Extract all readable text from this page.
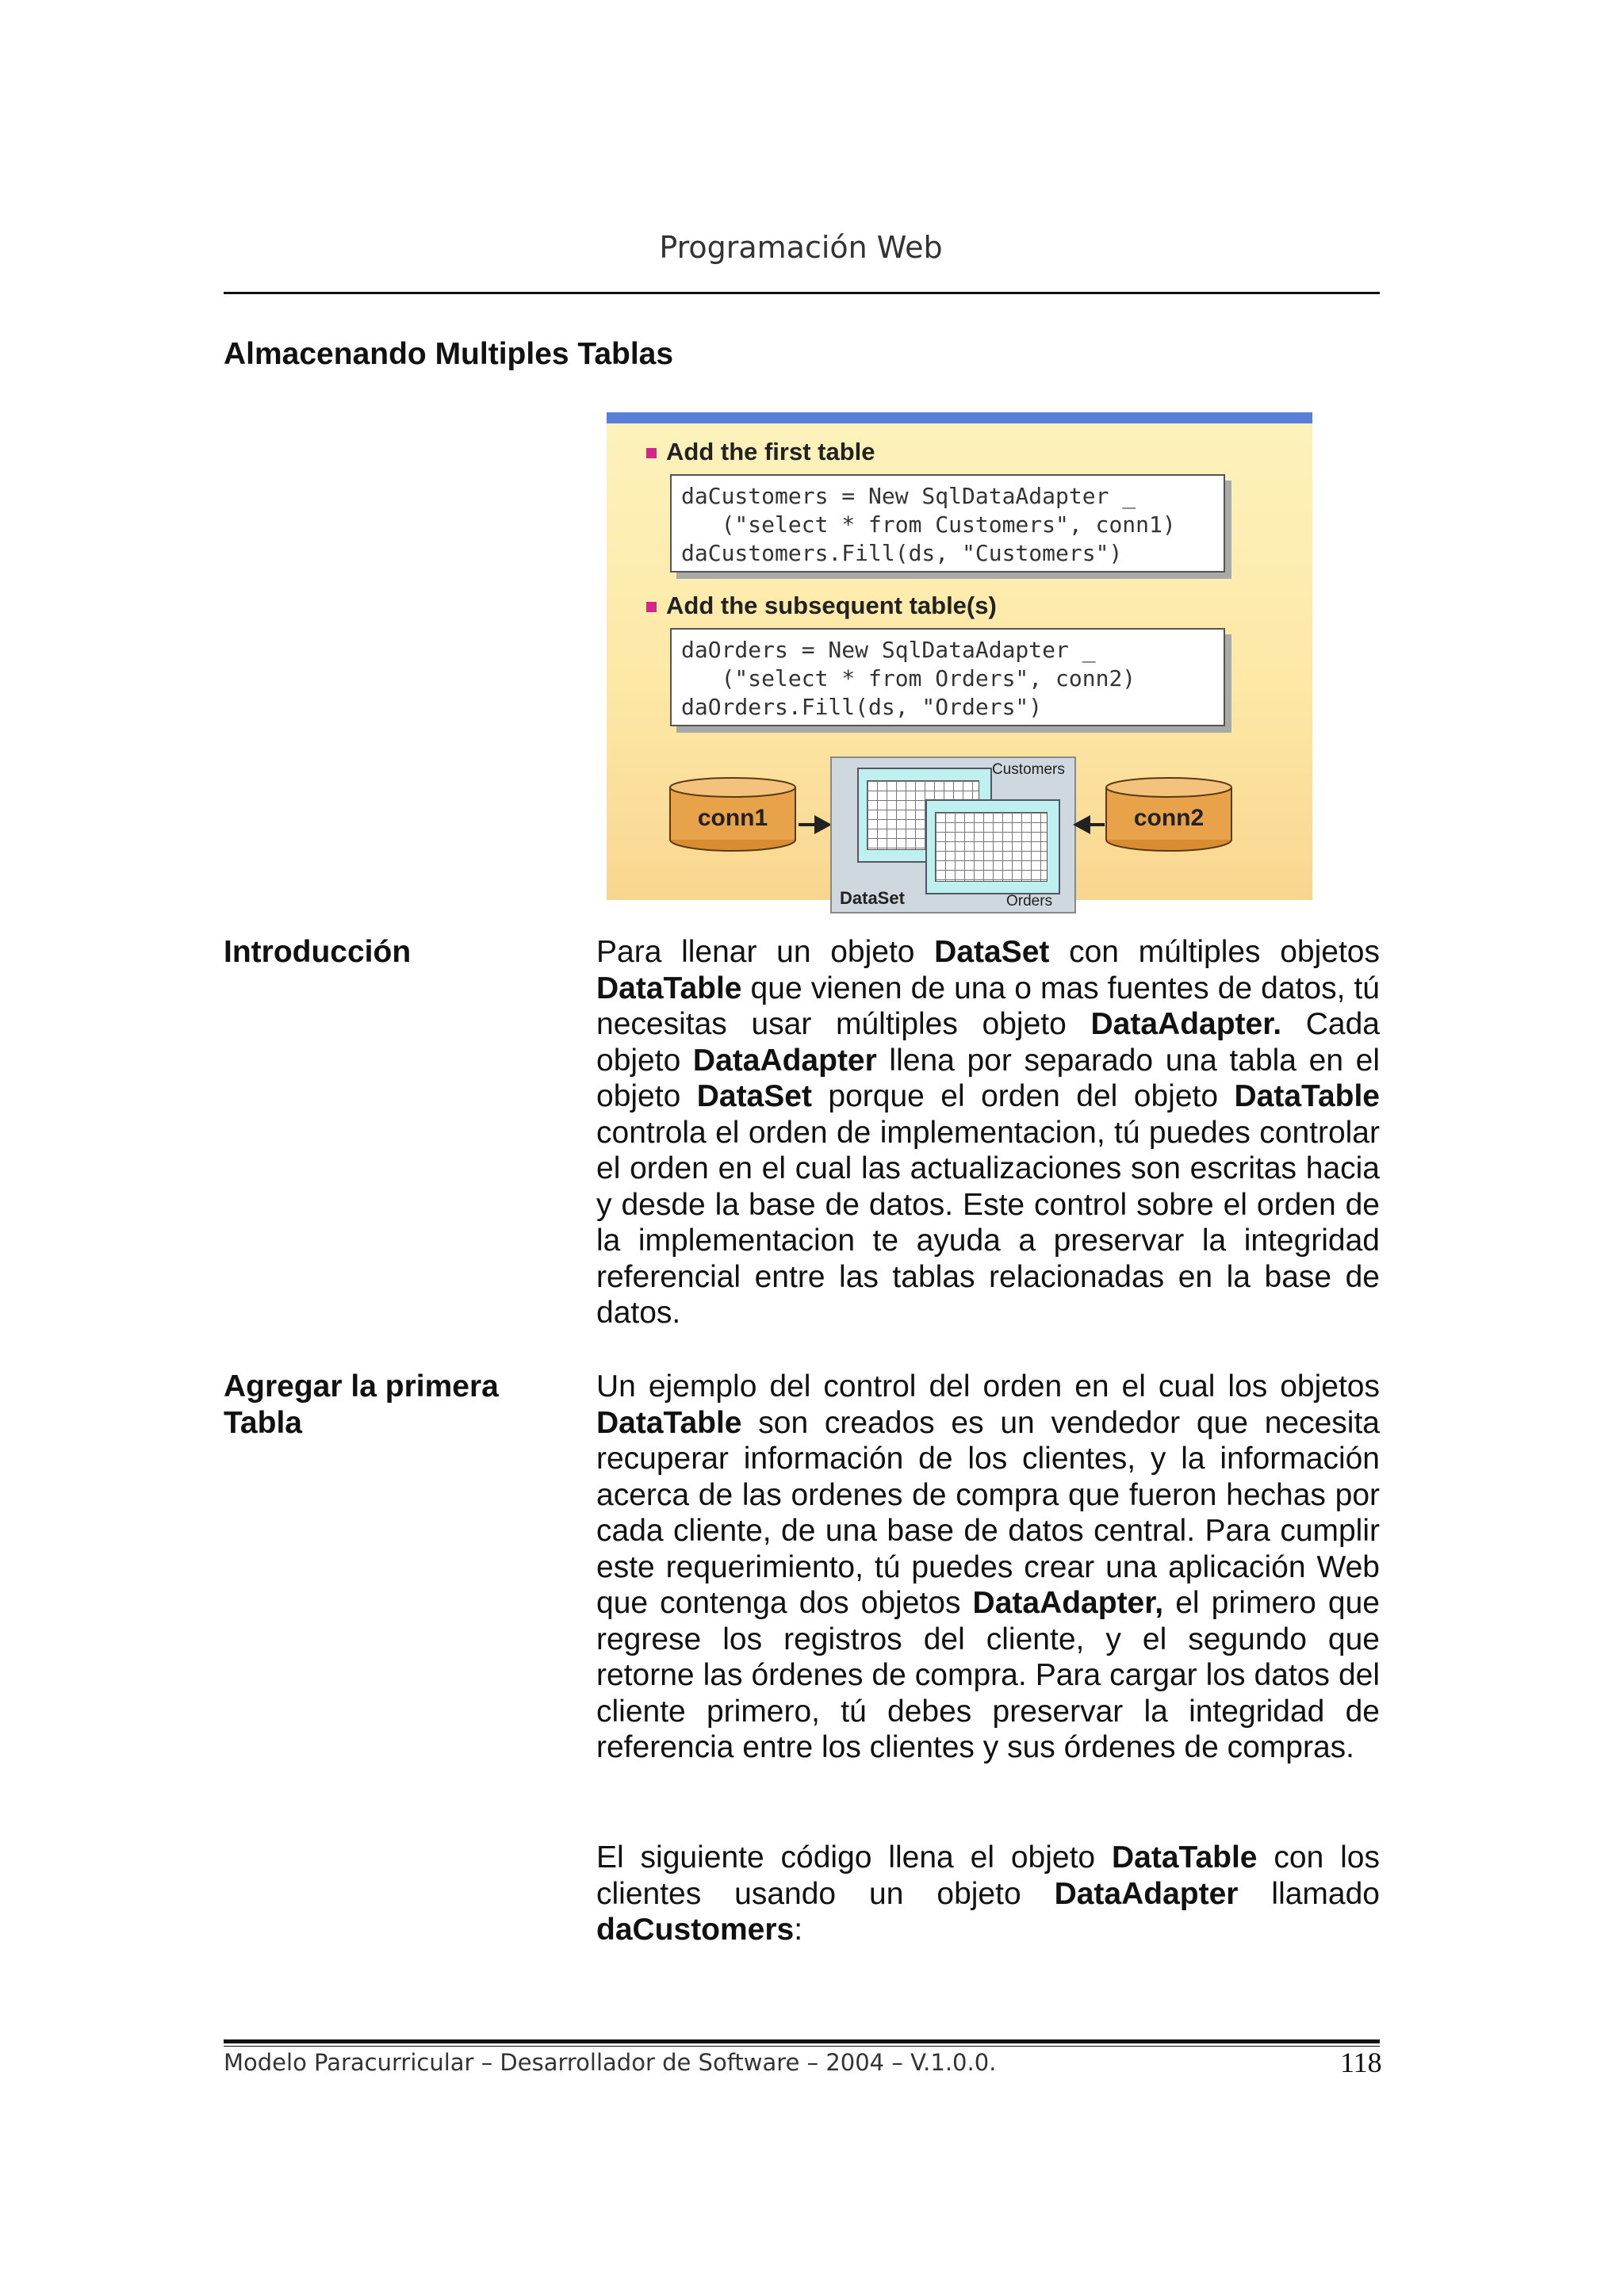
Programación Web
Almacenando Multiples Tablas
Add the first table
daCustomers = New SqlDataAdapter _
("select * from Customers", conn1)
daCustomers.Fill(ds, "Customers")
Add the subsequent table(s)
daOrders = New SqlDataAdapter _
("select * from Orders", conn2)
daOrders.Fill(ds, "Orders")
conn1
Customers
Orders
DataSet
conn2
Introducción	Para llenar un objeto DataSet con múltiples objetos DataTable que vienen de una o mas fuentes de datos, tú necesitas usar múltiples objeto DataAdapter. Cada objeto DataAdapter llena por separado una tabla en el objeto DataSet porque el orden del objeto DataTable controla el orden de implementacion, tú puedes controlar el orden en el cual las actualizaciones son escritas hacia y desde la base de datos. Este control sobre el orden de la implementacion te ayuda a preservar la integridad referencial entre las tablas relacionadas en la base de datos.
Agregar la primera
Tabla
Un ejemplo del control del orden en el cual los objetos DataTable son creados es un vendedor que necesita recuperar información de los clientes, y la información acerca de las ordenes de compra que fueron hechas por cada cliente, de una base de datos central. Para cumplir este requerimiento, tú puedes crear una aplicación Web que contenga dos objetos DataAdapter, el primero que regrese los registros del cliente, y el segundo que retorne las órdenes de compra. Para cargar los datos del cliente primero, tú debes preservar la integridad de referencia entre los clientes y sus órdenes de compras.
El siguiente código llena el objeto DataTable con los clientes usando un objeto DataAdapter llamado daCustomers:
Modelo Paracurricular – Desarrollador de Software – 2004 – V.1.0.0.	118
